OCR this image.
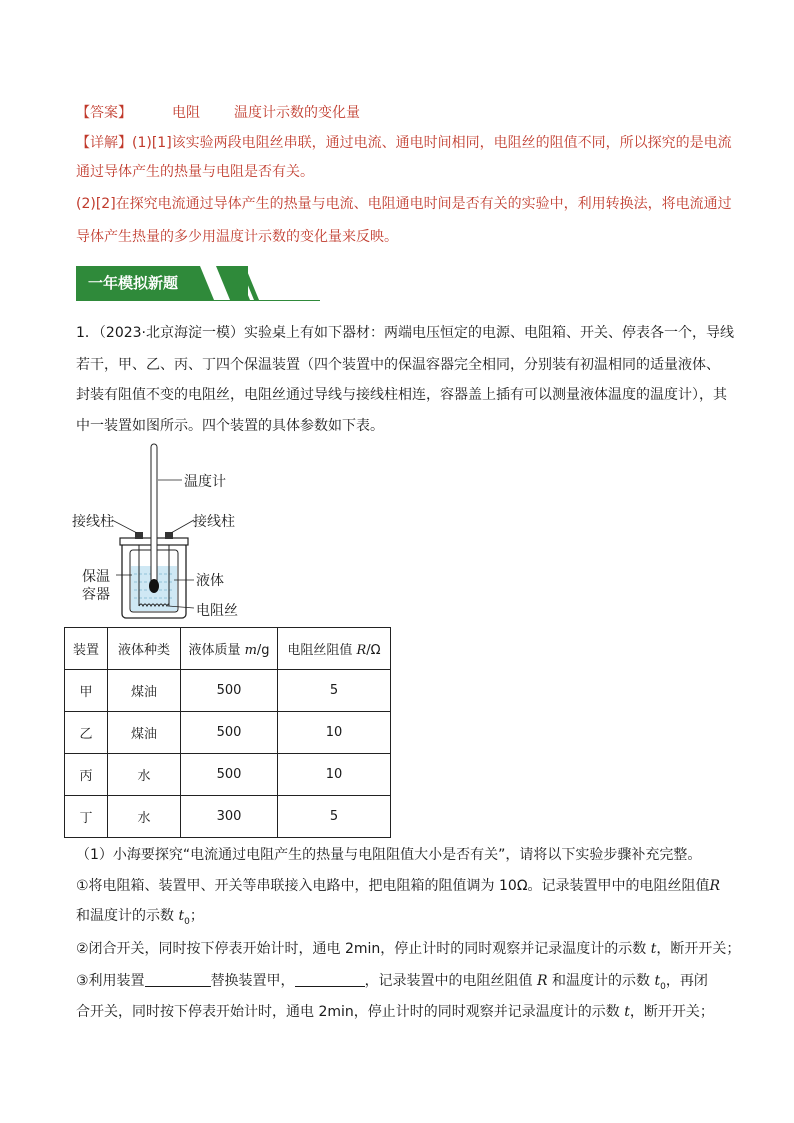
【答案】	电阻 温度计示数的变化量
【详解】(1)[1]该实验两段电阻丝串联，通过电流、通电时间相同，电阻丝的阻值不同，所以探究的是电流
通过导体产生的热量与电阻是否有关。
(2)[2]在探究电流通过导体产生的热量与电流、电阻通电时间是否有关的实验中，利用转换法，将电流通过
导体产生热量的多少用温度计示数的变化量来反映。
一年模拟新题
1．（2023·北京海淀一模）实验桌上有如下器材：两端电压恒定的电源、电阻箱、开关、停表各一个，导线
若干，甲、乙、丙、丁四个保温装置（四个装置中的保温容器完全相同，分别装有初温相同的适量液体、
封装有阻值不变的电阻丝，电阻丝通过导线与接线柱相连，容器盖上插有可以测量液体温度的温度计），其
中一装置如图所示。四个装置的具体参数如下表。
温度计
接线柱	接线柱
保温
容器
液体
电阻丝
装置	液体种类	液体质量 m/g	电阻丝阻值 R/Ω
甲	煤油	500	5
乙	煤油	500	10
丙	水	500	10
丁	水	300	5
（1）小海要探究“电流通过电阻产生的热量与电阻阻值大小是否有关”，请将以下实验步骤补充完整。
①将电阻箱、装置甲、开关等串联接入电路中，把电阻箱的阻值调为 10Ω。记录装置甲中的电阻丝阻值R
和温度计的示数 $t_0$；
②闭合开关，同时按下停表开始计时，通电 2min，停止计时的同时观察并记录温度计的示数 t，断开开关；
③利用装置	替换装置甲，	，记录装置中的电阻丝阻值 R 和温度计的示数 $t_0$，再闭
合开关，同时按下停表开始计时，通电 2min，停止计时的同时观察并记录温度计的示数 t，断开开关；
